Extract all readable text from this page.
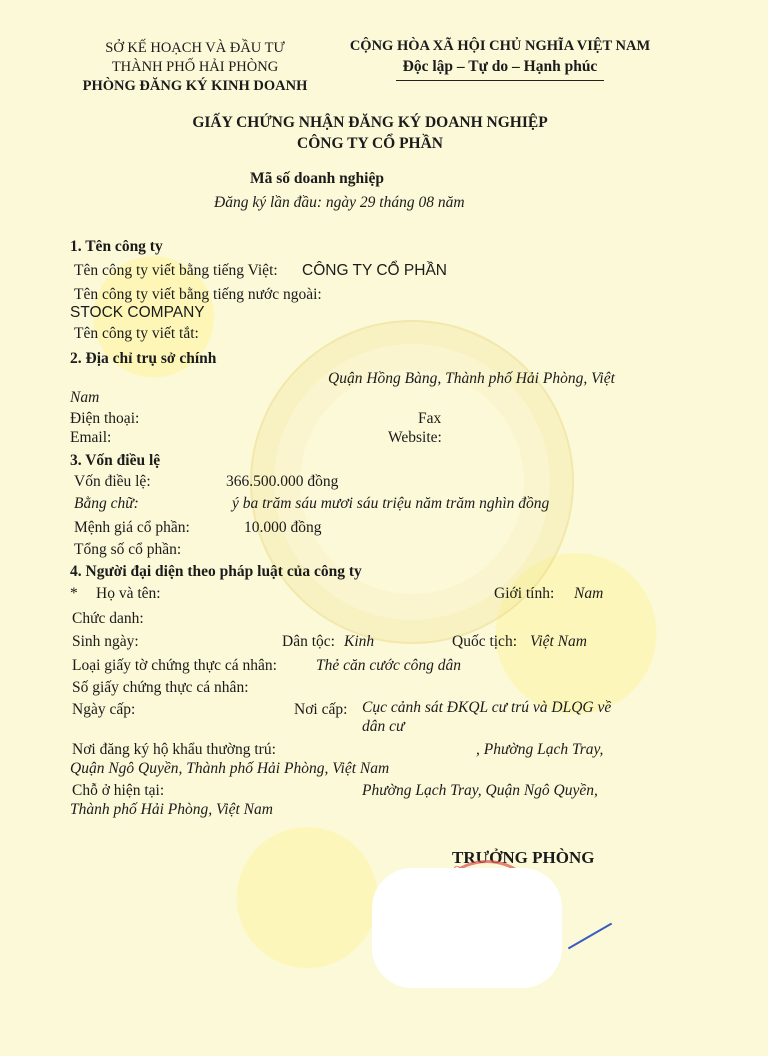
SỞ KẾ HOẠCH VÀ ĐẦU TƯ
THÀNH PHỐ HẢI PHÒNG
PHÒNG ĐĂNG KÝ KINH DOANH
CỘNG HÒA XÃ HỘI CHỦ NGHĨA VIỆT NAM
Độc lập – Tự do – Hạnh phúc
GIẤY CHỨNG NHẬN ĐĂNG KÝ DOANH NGHIỆP
CÔNG TY CỔ PHẦN
Mã số doanh nghiệp
Đăng ký lần đầu: ngày 29 tháng 08 năm
1. Tên công ty
Tên công ty viết bằng tiếng Việt: CÔNG TY CỔ PHẦN
Tên công ty viết bằng tiếng nước ngoài:
STOCK COMPANY
Tên công ty viết tắt:
2. Địa chỉ trụ sở chính
Quận Hồng Bàng, Thành phố Hải Phòng, Việt
Nam
Điện thoại:	Fax
Email:	Website:
3. Vốn điều lệ
Vốn điều lệ:	366.500.000 đồng
Bằng chữ:	ý ba trăm sáu mươi sáu triệu năm trăm nghìn đồng
Mệnh giá cổ phần:	10.000 đồng
Tổng số cổ phần:
4. Người đại diện theo pháp luật của công ty
* Họ và tên:	Giới tính: Nam
Chức danh:
Sinh ngày:	Dân tộc: Kinh	Quốc tịch: Việt Nam
Loại giấy tờ chứng thực cá nhân:	Thẻ căn cước công dân
Số giấy chứng thực cá nhân:
Ngày cấp:	Nơi cấp: Cục cảnh sát ĐKQL cư trú và DLQG về
dân cư
Nơi đăng ký hộ khẩu thường trú:	, Phường Lạch Tray,
Quận Ngô Quyền, Thành phố Hải Phòng, Việt Nam
Chỗ ở hiện tại:	Phường Lạch Tray, Quận Ngô Quyền,
Thành phố Hải Phòng, Việt Nam
TRƯỞNG PHÒNG
